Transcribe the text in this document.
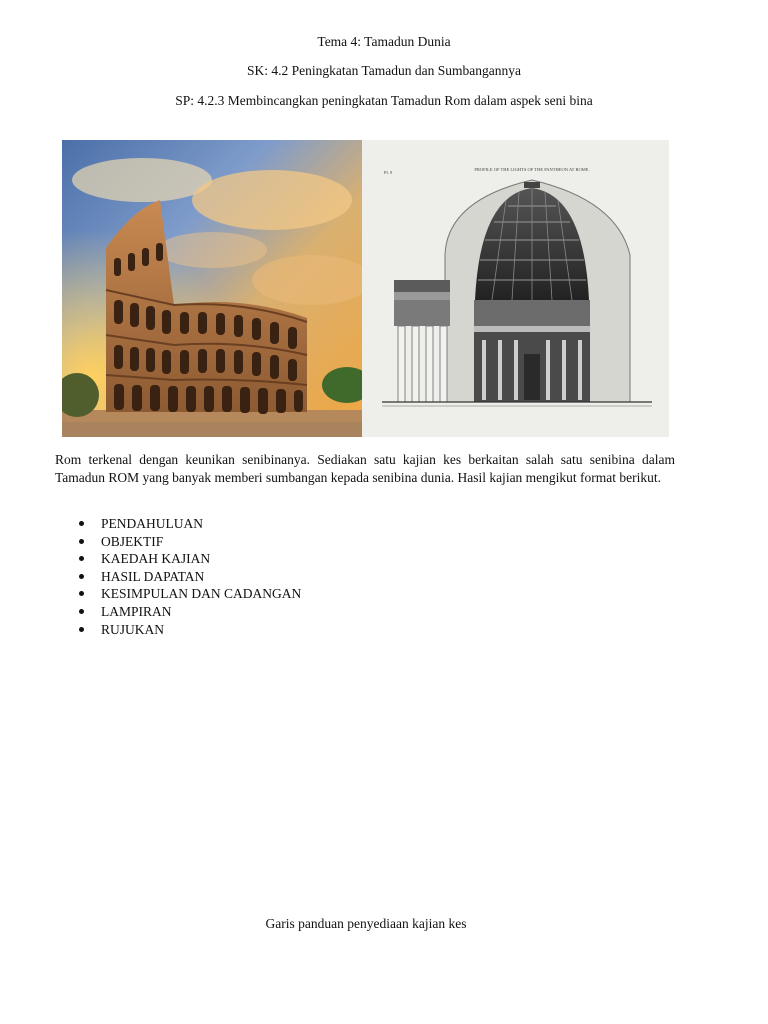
Tema 4: Tamadun Dunia
SK: 4.2 Peningkatan Tamadun dan Sumbangannya
SP: 4.2.3 Membincangkan peningkatan Tamadun Rom dalam aspek seni bina
PROFILE OF THE LIGHTS OF THE PANTHEON AT ROME.
Pl. 9
Rom terkenal dengan keunikan senibinanya. Sediakan satu kajian kes berkaitan salah satu senibina dalam Tamadun ROM yang banyak memberi sumbangan kepada senibina dunia. Hasil kajian mengikut format berikut.
PENDAHULUAN
OBJEKTIF
KAEDAH KAJIAN
HASIL DAPATAN
KESIMPULAN DAN CADANGAN
LAMPIRAN
RUJUKAN
Garis panduan penyediaan kajian kes
